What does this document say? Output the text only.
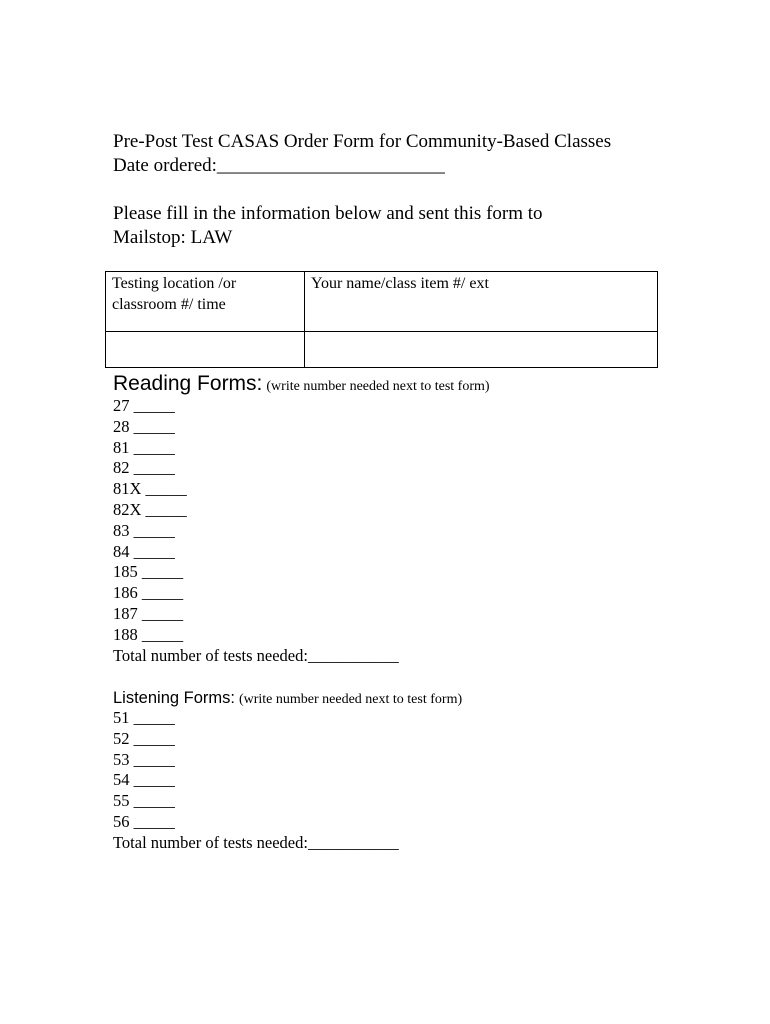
Pre-Post Test CASAS Order Form for Community-Based Classes
Date ordered:________________________
Please fill in the information below and sent this form to
Mailstop: LAW
Testing location /or classroom #/ time	Your name/class item #/ ext

Reading Forms: (write number needed next to test form)
27 _____
28 _____
81 _____
82 _____
81X _____
82X _____
83 _____
84 _____
185 _____
186 _____
187 _____
188 _____
Total number of tests needed:___________
Listening Forms: (write number needed next to test form)
51 _____
52 _____
53 _____
54 _____
55 _____
56 _____
Total number of tests needed:___________
